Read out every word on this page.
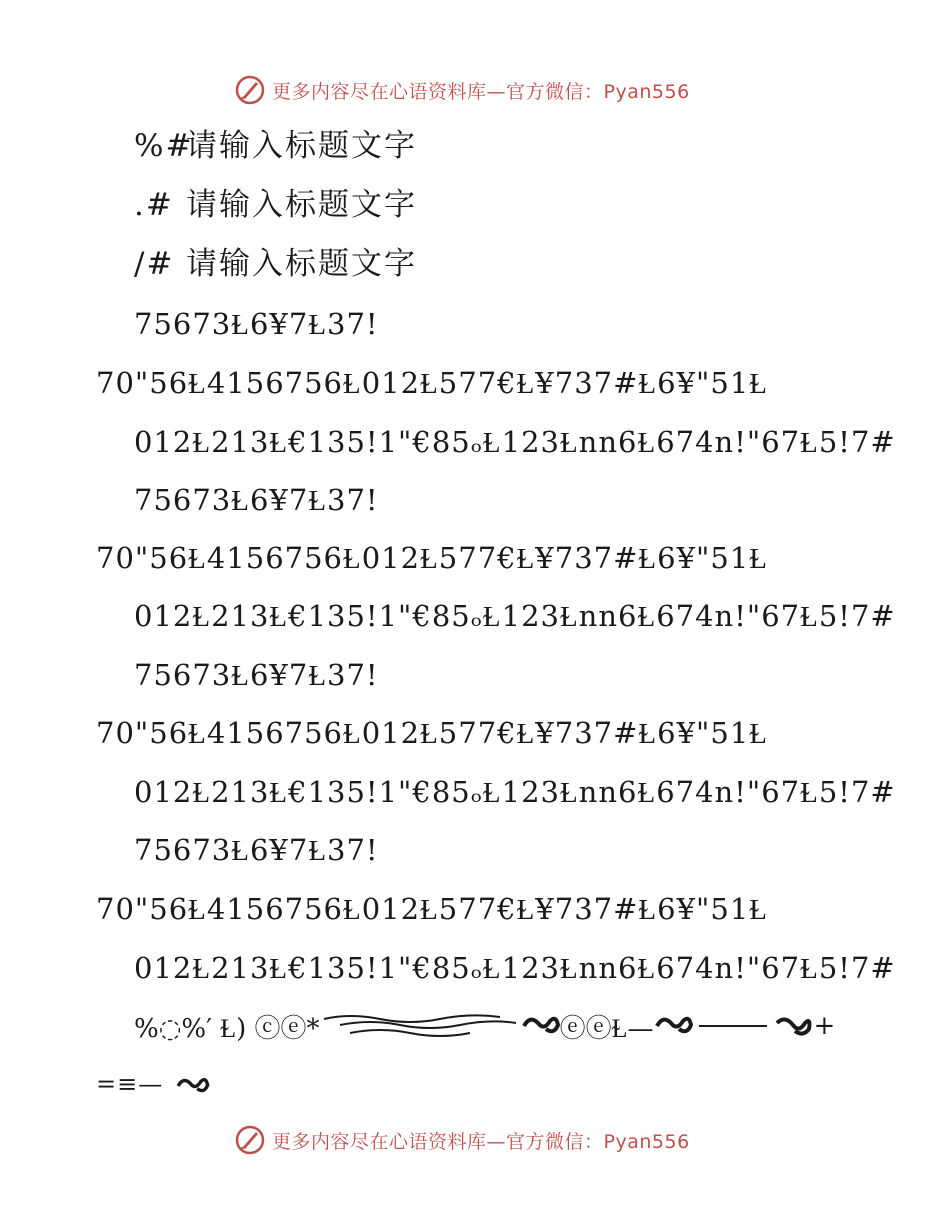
更多内容尽在心语资料库—官方微信：Pyan556
%#请输入标题文字
.# 请输入标题文字
/# 请输入标题文字
75673Ɫ6¥7Ɫ37!
70"56Ɫ4156756Ɫ012Ɫ577€Ɫ¥737#Ɫ6¥"51Ɫ
012Ɫ213Ɫ€135!1"€85ₒⱢ123Ɫnn6Ɫ674n!"67Ɫ5!7#
75673Ɫ6¥7Ɫ37!
70"56Ɫ4156756Ɫ012Ɫ577€Ɫ¥737#Ɫ6¥"51Ɫ
012Ɫ213Ɫ€135!1"€85ₒⱢ123Ɫnn6Ɫ674n!"67Ɫ5!7#
75673Ɫ6¥7Ɫ37!
70"56Ɫ4156756Ɫ012Ɫ577€Ɫ¥737#Ɫ6¥"51Ɫ
012Ɫ213Ɫ€135!1"€85ₒⱢ123Ɫnn6Ɫ674n!"67Ɫ5!7#
75673Ɫ6¥7Ɫ37!
70"56Ɫ4156756Ɫ012Ɫ577€Ɫ¥737#Ɫ6¥"51Ɫ
012Ɫ213Ɫ€135!1"€85ₒⱢ123Ɫnn6Ɫ674n!"67Ɫ5!7#
%◌%′ Ɫ) ⓒⓔ*	ⓔⓔⱢ—	+
=≡—
更多内容尽在心语资料库—官方微信：Pyan556
